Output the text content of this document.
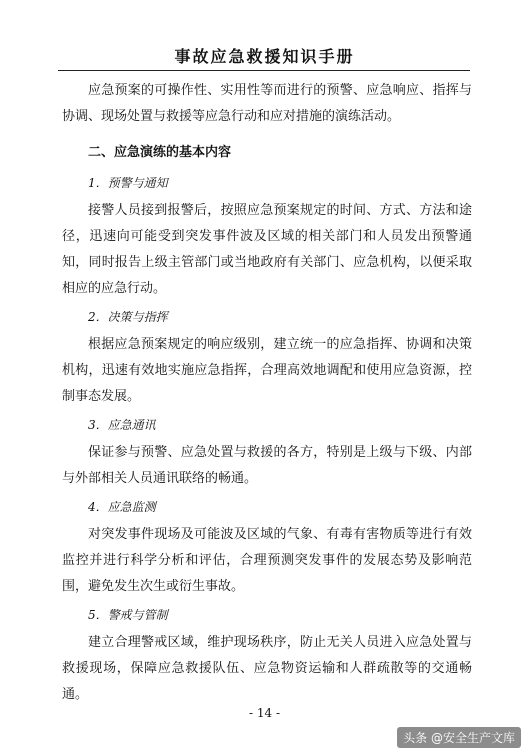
事故应急救援知识手册

应急预案的可操作性、实用性等而进行的预警、应急响应、指挥与协调、现场处置与救援等应急行动和应对措施的演练活动。

二、应急演练的基本内容
1．预警与通知

接警人员接到报警后，按照应急预案规定的时间、方式、方法和途径，迅速向可能受到突发事件波及区域的相关部门和人员发出预警通知，同时报告上级主管部门或当地政府有关部门、应急机构，以便采取相应的应急行动。

2．决策与指挥

根据应急预案规定的响应级别，建立统一的应急指挥、协调和决策机构，迅速有效地实施应急指挥，合理高效地调配和使用应急资源，控制事态发展。

3．应急通讯

保证参与预警、应急处置与救援的各方，特别是上级与下级、内部与外部相关人员通讯联络的畅通。

4．应急监测

对突发事件现场及可能波及区域的气象、有毒有害物质等进行有效监控并进行科学分析和评估，合理预测突发事件的发展态势及影响范围，避免发生次生或衍生事故。

5．警戒与管制

建立合理警戒区域，维护现场秩序，防止无关人员进入应急处置与救援现场，保障应急救援队伍、应急物资运输和人群疏散等的交通畅通。

- 14 -
头条 @安全生产文库
